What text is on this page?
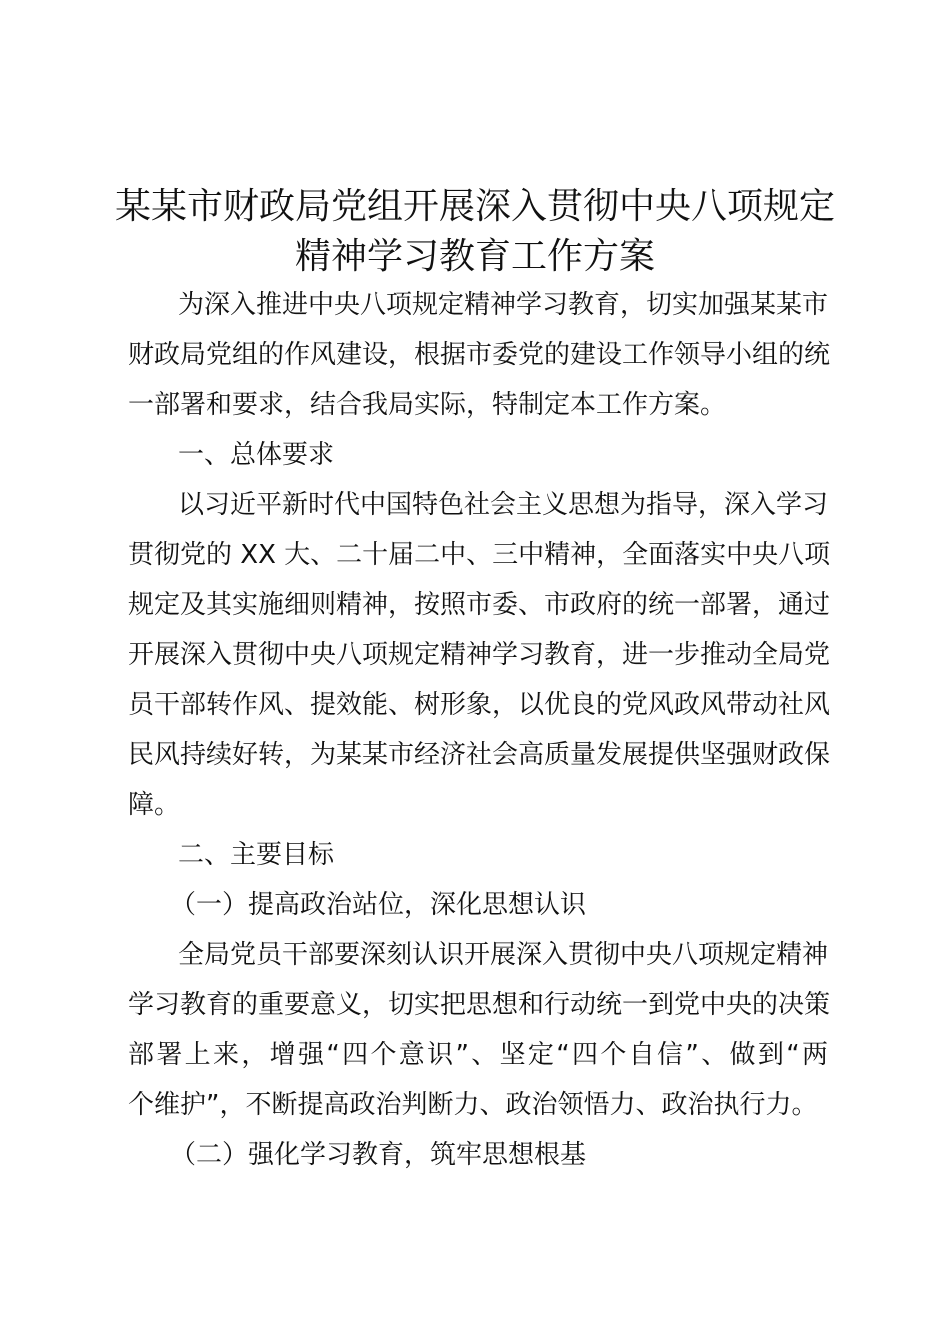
某某市财政局党组开展深入贯彻中央八项规定
精神学习教育工作方案
为深入推进中央八项规定精神学习教育，切实加强某某市
财政局党组的作风建设，根据市委党的建设工作领导小组的统
一部署和要求，结合我局实际，特制定本工作方案。
一、总体要求
以习近平新时代中国特色社会主义思想为指导，深入学习
贯彻党的 XX 大、二十届二中、三中精神，全面落实中央八项
规定及其实施细则精神，按照市委、市政府的统一部署，通过
开展深入贯彻中央八项规定精神学习教育，进一步推动全局党
员干部转作风、提效能、树形象，以优良的党风政风带动社风
民风持续好转，为某某市经济社会高质量发展提供坚强财政保
障。
二、主要目标
（一）提高政治站位，深化思想认识
全局党员干部要深刻认识开展深入贯彻中央八项规定精神
学习教育的重要意义，切实把思想和行动统一到党中央的决策
部署上来，增强“四个意识”、坚定“四个自信”、做到“两
个维护”，不断提高政治判断力、政治领悟力、政治执行力。
（二）强化学习教育，筑牢思想根基
